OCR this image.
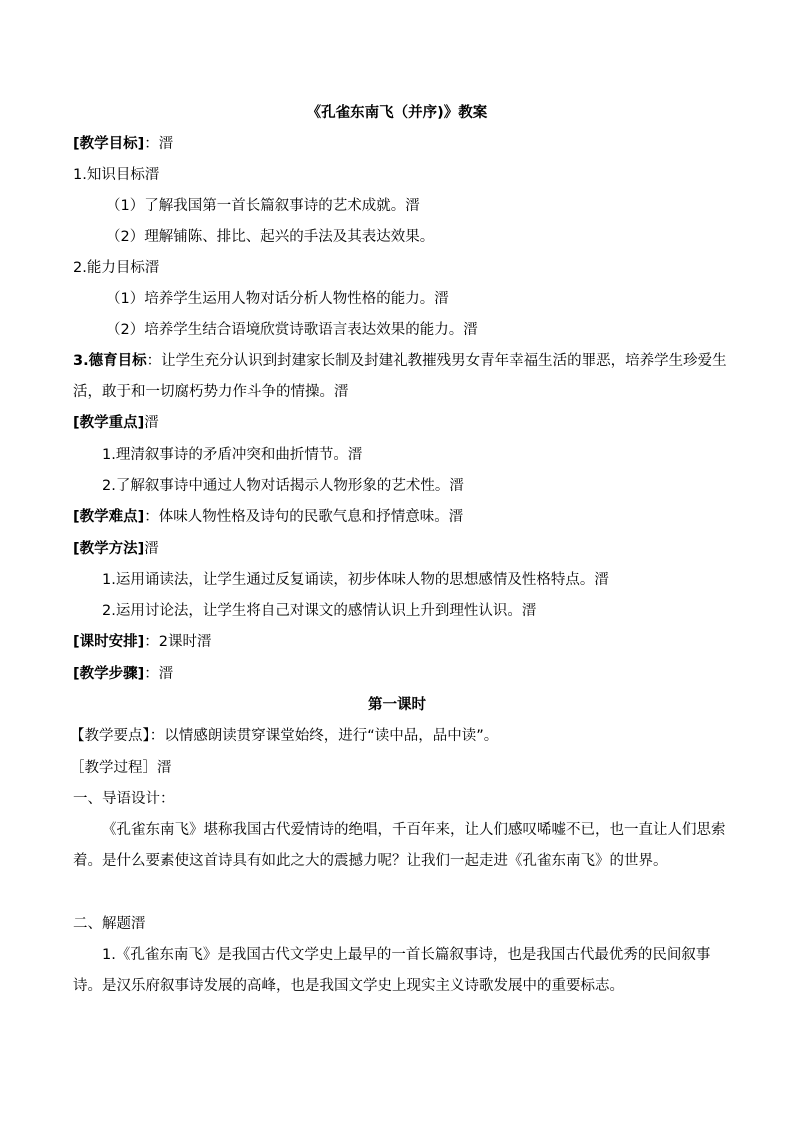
《孔雀东南飞（并序)》教案
[教学目标]：溍
1.知识目标溍
（1）了解我国第一首长篇叙事诗的艺术成就。溍
（2）理解铺陈、排比、起兴的手法及其表达效果。
2.能力目标溍
（1）培养学生运用人物对话分析人物性格的能力。溍
（2）培养学生结合语境欣赏诗歌语言表达效果的能力。溍
3.德育目标：让学生充分认识到封建家长制及封建礼教摧残男女青年幸福生活的罪恶，培养学生珍爱生活，敢于和一切腐朽势力作斗争的情操。溍
[教学重点]溍
1.理清叙事诗的矛盾冲突和曲折情节。溍
2.了解叙事诗中通过人物对话揭示人物形象的艺术性。溍
[教学难点]：体味人物性格及诗句的民歌气息和抒情意味。溍
[教学方法]溍
1.运用诵读法，让学生通过反复诵读，初步体味人物的思想感情及性格特点。溍
2.运用讨论法，让学生将自己对课文的感情认识上升到理性认识。溍
[课时安排]：2课时溍
[教学步骤]：溍
第一课时
【教学要点】：以情感朗读贯穿课堂始终，进行“读中品，品中读”。
［教学过程］溍
一、导语设计：
《孔雀东南飞》堪称我国古代爱情诗的绝唱，千百年来，让人们感叹唏嘘不已，也一直让人们思索着。是什么要素使这首诗具有如此之大的震撼力呢？让我们一起走进《孔雀东南飞》的世界。
二、解题溍
1.《孔雀东南飞》是我国古代文学史上最早的一首长篇叙事诗，也是我国古代最优秀的民间叙事诗。是汉乐府叙事诗发展的高峰，也是我国文学史上现实主义诗歌发展中的重要标志。
